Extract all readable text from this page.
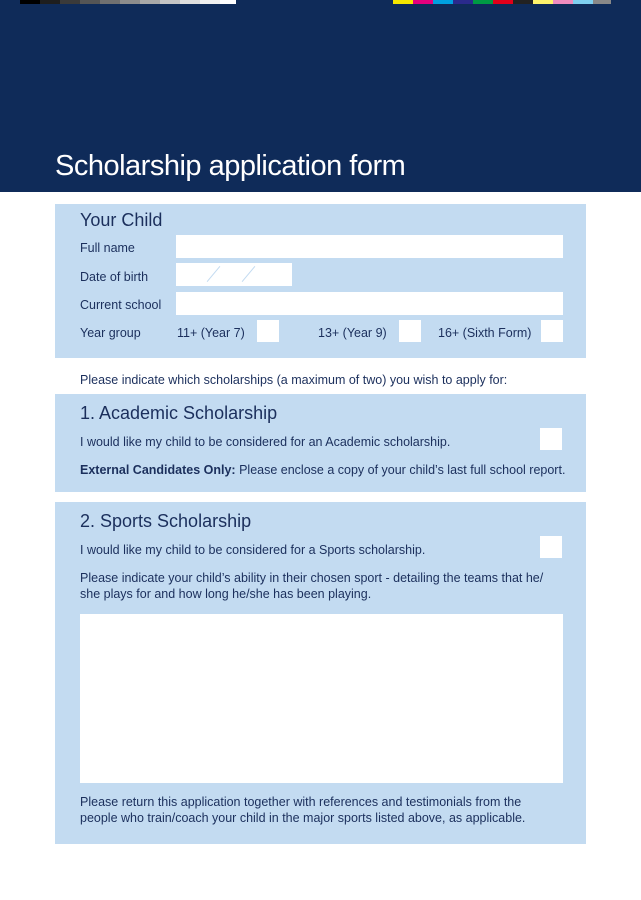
Scholarship application form
Your Child
Full name
Date of birth
Current school
Year group	11+ (Year 7)	13+ (Year 9)	16+ (Sixth Form)
Please indicate which scholarships (a maximum of two) you wish to apply for:
1. Academic Scholarship
I would like my child to be considered for an Academic scholarship.
External Candidates Only: Please enclose a copy of your child’s last full school report.
2. Sports Scholarship
I would like my child to be considered for a Sports scholarship.
Please indicate your child’s ability in their chosen sport - detailing the teams that he/
she plays for and how long he/she has been playing.
Please return this application together with references and testimonials from the
people who train/coach your child in the major sports listed above, as applicable.
